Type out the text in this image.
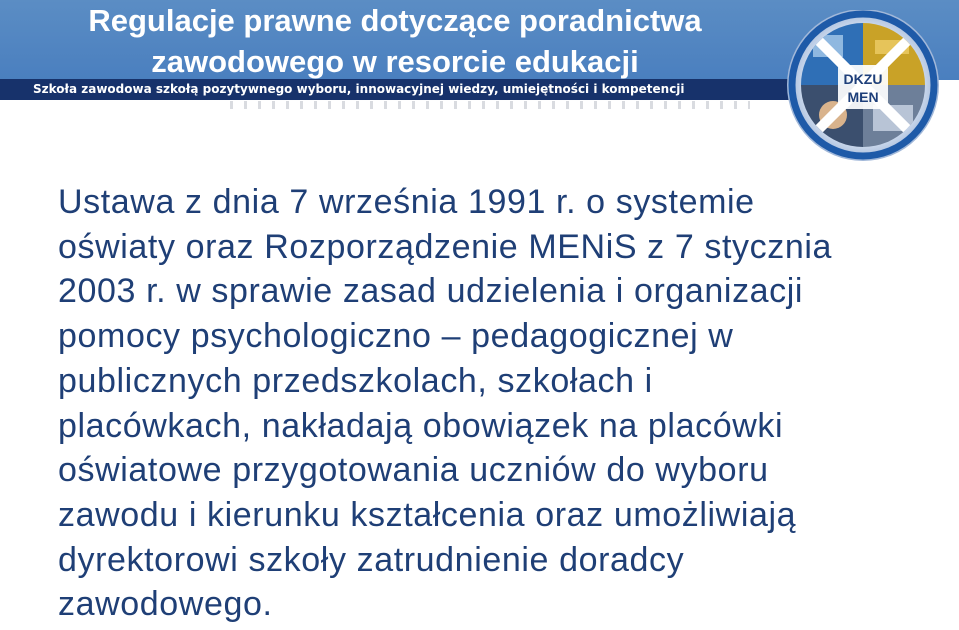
Regulacje prawne dotyczące poradnictwa
zawodowego w resorcie edukacji
Szkoła zawodowa szkołą pozytywnego wyboru, innowacyjnej wiedzy, umiejętności i kompetencji
DKZU
MEN
Ustawa z dnia 7 września 1991 r. o systemie
oświaty oraz Rozporządzenie MENiS z 7 stycznia
2003 r. w sprawie zasad udzielenia i organizacji
pomocy psychologiczno – pedagogicznej w
publicznych przedszkolach, szkołach i
placówkach, nakładają obowiązek na placówki
oświatowe przygotowania uczniów do wyboru
zawodu i kierunku kształcenia oraz umożliwiają
dyrektorowi szkoły zatrudnienie doradcy
zawodowego.
